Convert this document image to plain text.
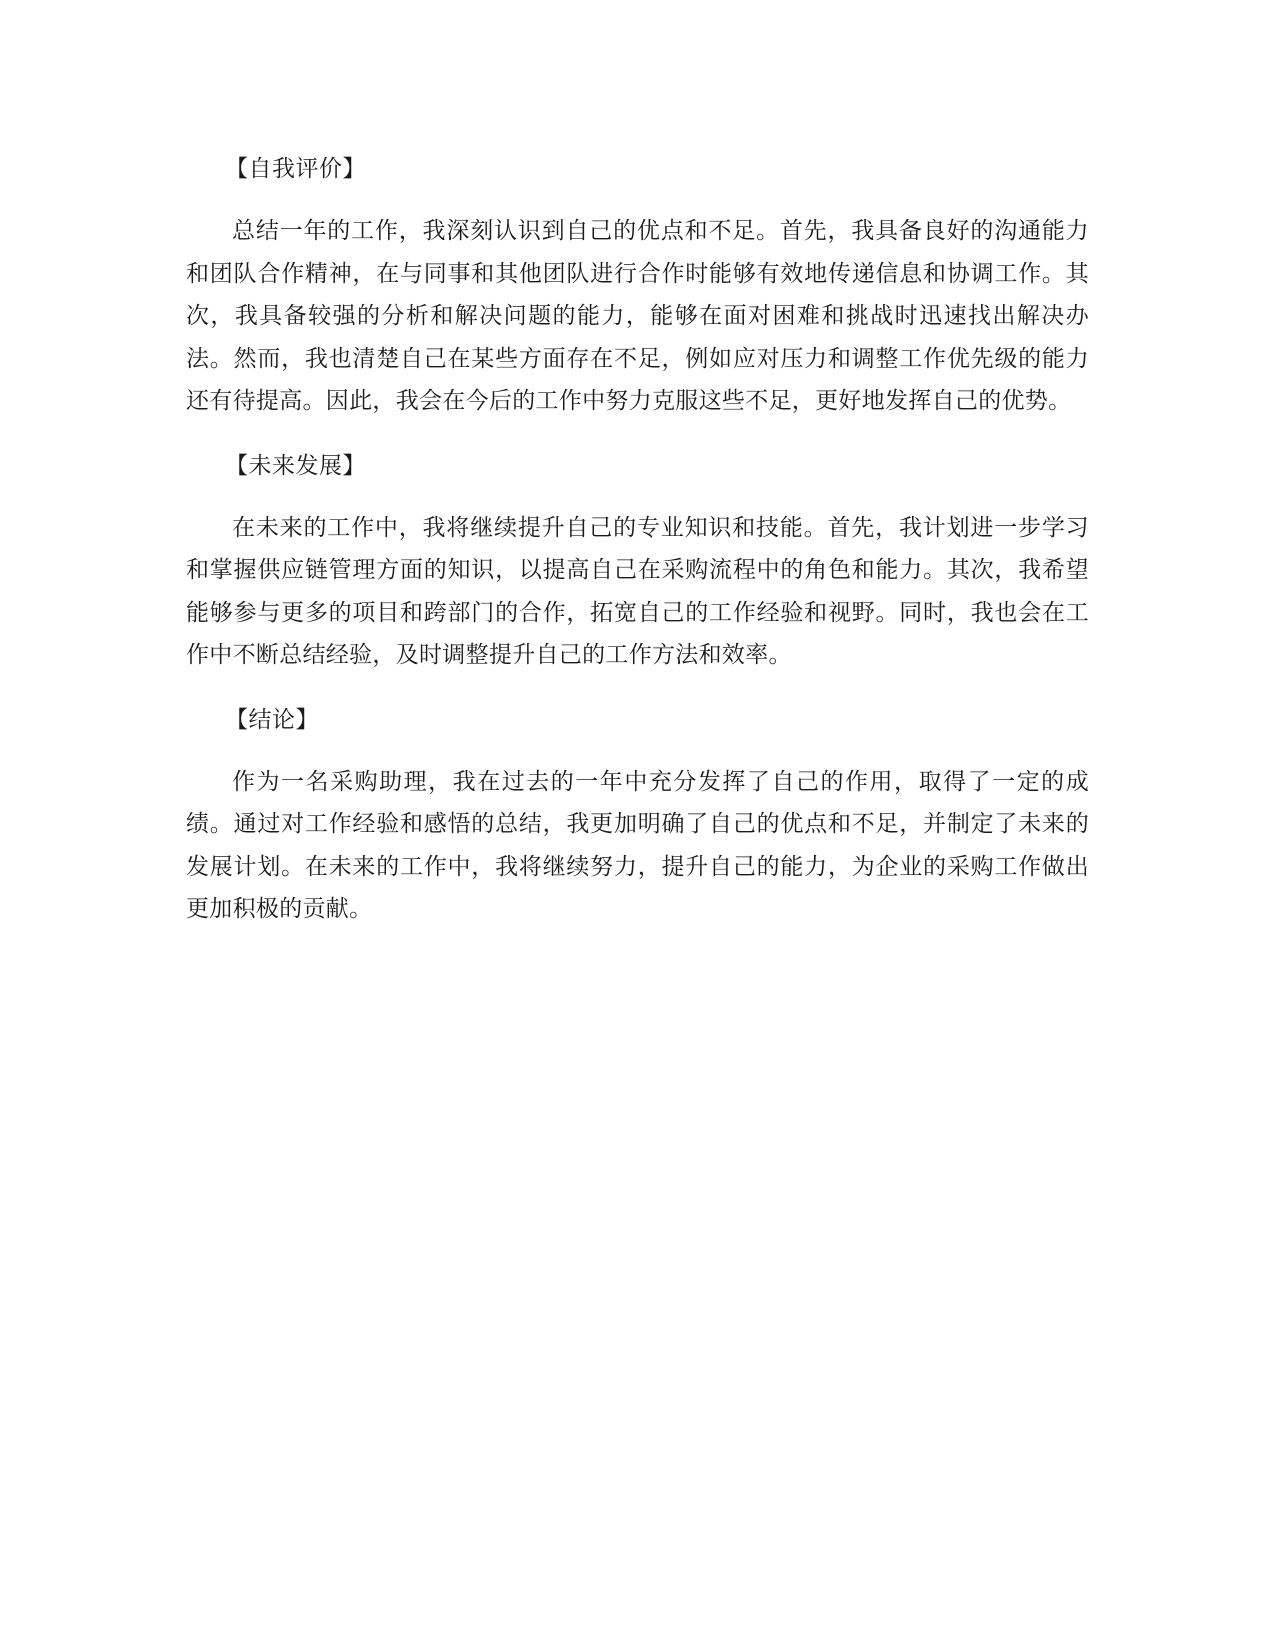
【自我评价】

总结一年的工作，我深刻认识到自己的优点和不足。首先，我具备良好的沟通能力和团队合作精神，在与同事和其他团队进行合作时能够有效地传递信息和协调工作。其次，我具备较强的分析和解决问题的能力，能够在面对困难和挑战时迅速找出解决办法。然而，我也清楚自己在某些方面存在不足，例如应对压力和调整工作优先级的能力还有待提高。因此，我会在今后的工作中努力克服这些不足，更好地发挥自己的优势。

【未来发展】

在未来的工作中，我将继续提升自己的专业知识和技能。首先，我计划进一步学习和掌握供应链管理方面的知识，以提高自己在采购流程中的角色和能力。其次，我希望能够参与更多的项目和跨部门的合作，拓宽自己的工作经验和视野。同时，我也会在工作中不断总结经验，及时调整提升自己的工作方法和效率。

【结论】

作为一名采购助理，我在过去的一年中充分发挥了自己的作用，取得了一定的成绩。通过对工作经验和感悟的总结，我更加明确了自己的优点和不足，并制定了未来的发展计划。在未来的工作中，我将继续努力，提升自己的能力，为企业的采购工作做出更加积极的贡献。
